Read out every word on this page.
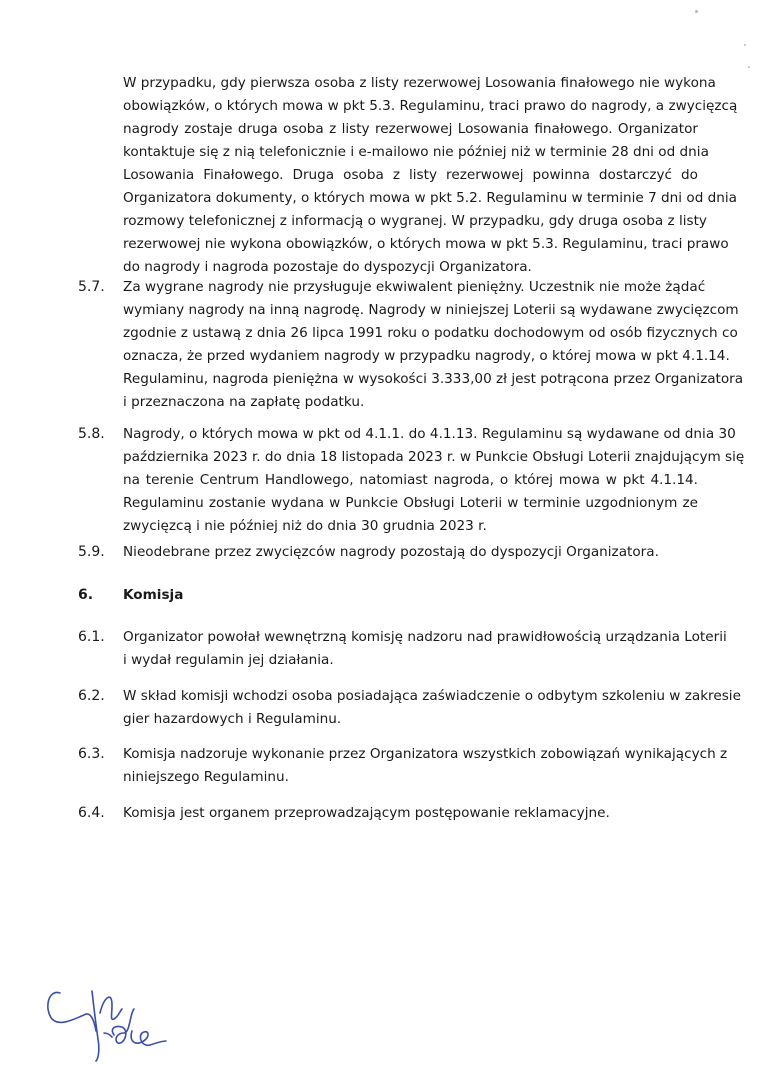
W przypadku, gdy pierwsza osoba z listy rezerwowej Losowania finałowego nie wykona
obowiązków, o których mowa w pkt 5.3. Regulaminu, traci prawo do nagrody, a zwycięzcą
nagrody zostaje druga osoba z listy rezerwowej Losowania finałowego. Organizator
kontaktuje się z nią telefonicznie i e-mailowo nie później niż w terminie 28 dni od dnia
Losowania Finałowego. Druga osoba z listy rezerwowej powinna dostarczyć do
Organizatora dokumenty, o których mowa w pkt 5.2. Regulaminu w terminie 7 dni od dnia
rozmowy telefonicznej z informacją o wygranej. W przypadku, gdy druga osoba z listy
rezerwowej nie wykona obowiązków, o których mowa w pkt 5.3. Regulaminu, traci prawo
do nagrody i nagroda pozostaje do dyspozycji Organizatora.
5.7. Za wygrane nagrody nie przysługuje ekwiwalent pieniężny. Uczestnik nie może żądać
wymiany nagrody na inną nagrodę. Nagrody w niniejszej Loterii są wydawane zwycięzcom
zgodnie z ustawą z dnia 26 lipca 1991 roku o podatku dochodowym od osób fizycznych co
oznacza, że przed wydaniem nagrody w przypadku nagrody, o której mowa w pkt 4.1.14.
Regulaminu, nagroda pieniężna w wysokości 3.333,00 zł jest potrącona przez Organizatora
i przeznaczona na zapłatę podatku.
5.8. Nagrody, o których mowa w pkt od 4.1.1. do 4.1.13. Regulaminu są wydawane od dnia 30
października 2023 r. do dnia 18 listopada 2023 r. w Punkcie Obsługi Loterii znajdującym się
na terenie Centrum Handlowego, natomiast nagroda, o której mowa w pkt 4.1.14.
Regulaminu zostanie wydana w Punkcie Obsługi Loterii w terminie uzgodnionym ze
zwycięzcą i nie później niż do dnia 30 grudnia 2023 r.
5.9. Nieodebrane przez zwycięzców nagrody pozostają do dyspozycji Organizatora.
6. Komisja
6.1. Organizator powołał wewnętrzną komisję nadzoru nad prawidłowością urządzania Loterii
i wydał regulamin jej działania.
6.2. W skład komisji wchodzi osoba posiadająca zaświadczenie o odbytym szkoleniu w zakresie
gier hazardowych i Regulaminu.
6.3. Komisja nadzoruje wykonanie przez Organizatora wszystkich zobowiązań wynikających z
niniejszego Regulaminu.
6.4. Komisja jest organem przeprowadzającym postępowanie reklamacyjne.
